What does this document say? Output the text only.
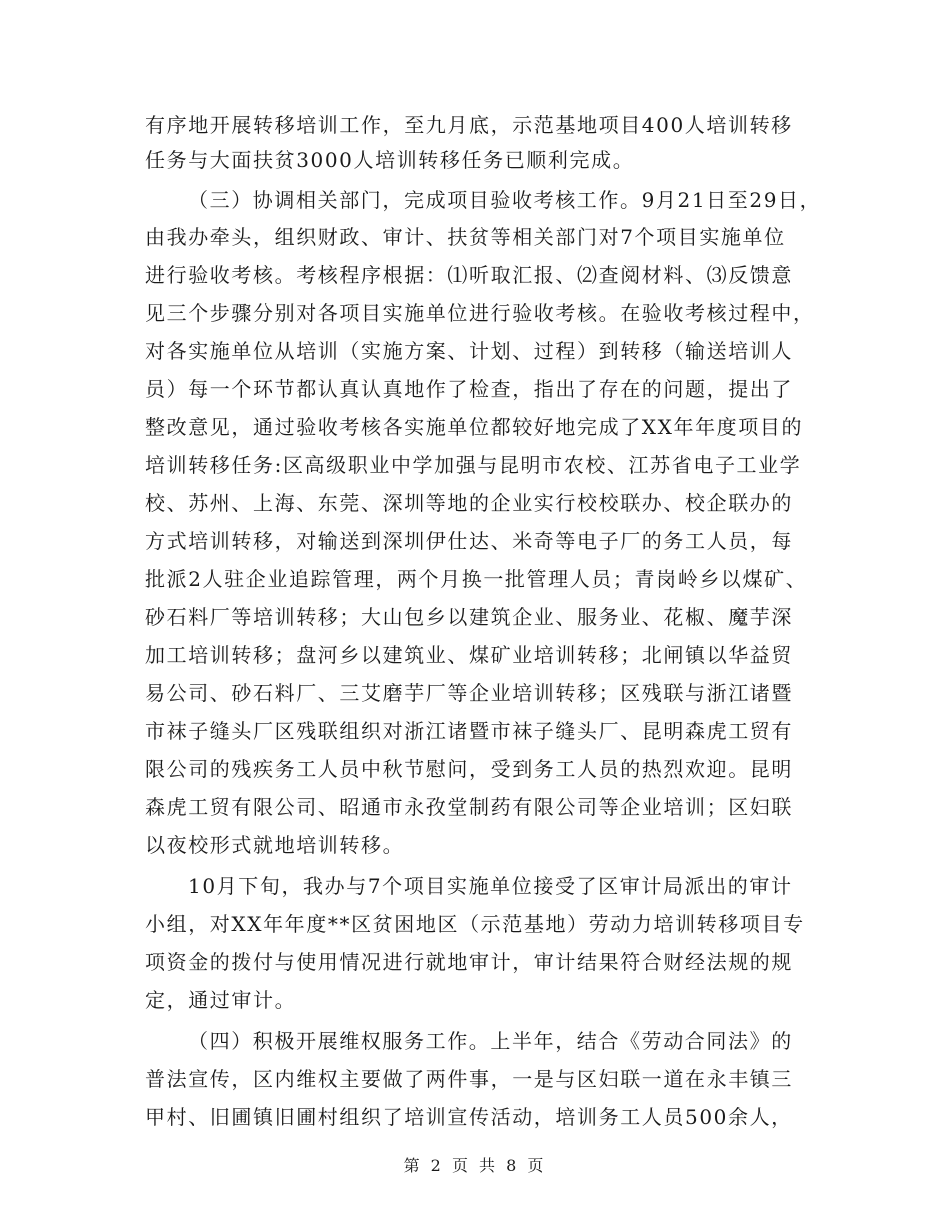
有序地开展转移培训工作，至九月底，示范基地项目400人培训转移
任务与大面扶贫3000人培训转移任务已顺利完成。
（三）协调相关部门，完成项目验收考核工作。9月21日至29日，
由我办牵头，组织财政、审计、扶贫等相关部门对7个项目实施单位
进行验收考核。考核程序根据：⑴听取汇报、⑵查阅材料、⑶反馈意
见三个步骤分别对各项目实施单位进行验收考核。在验收考核过程中，
对各实施单位从培训（实施方案、计划、过程）到转移（输送培训人
员）每一个环节都认真认真地作了检查，指出了存在的问题，提出了
整改意见，通过验收考核各实施单位都较好地完成了XX年年度项目的
培训转移任务:区高级职业中学加强与昆明市农校、江苏省电子工业学
校、苏州、上海、东莞、深圳等地的企业实行校校联办、校企联办的
方式培训转移，对输送到深圳伊仕达、米奇等电子厂的务工人员，每
批派2人驻企业追踪管理，两个月换一批管理人员；青岗岭乡以煤矿、
砂石料厂等培训转移；大山包乡以建筑企业、服务业、花椒、魔芋深
加工培训转移；盘河乡以建筑业、煤矿业培训转移；北闸镇以华益贸
易公司、砂石料厂、三艾磨芋厂等企业培训转移；区残联与浙江诸暨
市袜子缝头厂区残联组织对浙江诸暨市袜子缝头厂、昆明森虎工贸有
限公司的残疾务工人员中秋节慰问，受到务工人员的热烈欢迎。昆明
森虎工贸有限公司、昭通市永孜堂制药有限公司等企业培训；区妇联
以夜校形式就地培训转移。
10月下旬，我办与7个项目实施单位接受了区审计局派出的审计
小组，对XX年年度**区贫困地区（示范基地）劳动力培训转移项目专
项资金的拨付与使用情况进行就地审计，审计结果符合财经法规的规
定，通过审计。
（四）积极开展维权服务工作。上半年，结合《劳动合同法》的
普法宣传，区内维权主要做了两件事，一是与区妇联一道在永丰镇三
甲村、旧圃镇旧圃村组织了培训宣传活动，培训务工人员500余人，
第 2 页 共 8 页
